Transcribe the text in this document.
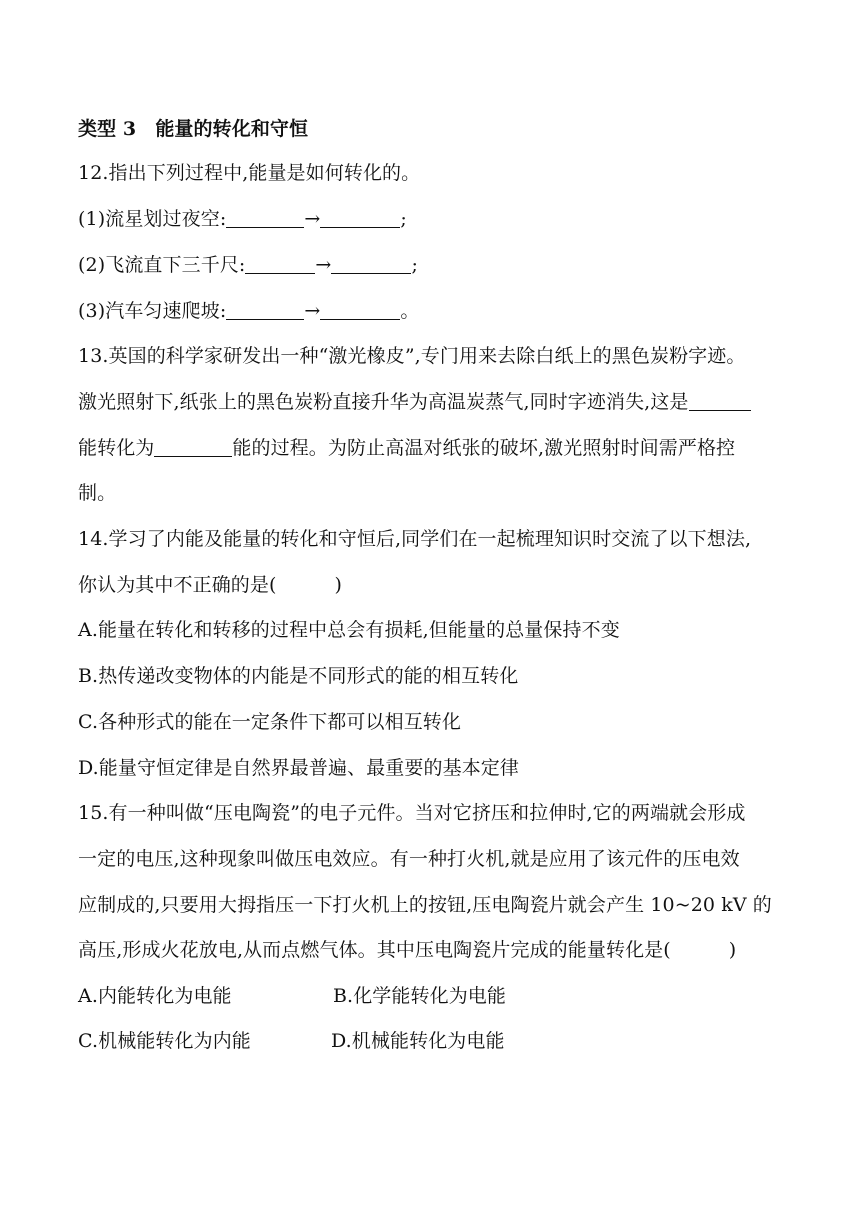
类型 3　能量的转化和守恒
12.指出下列过程中,能量是如何转化的。
(1)流星划过夜空:	→	;
(2)飞流直下三千尺:	→	;
(3)汽车匀速爬坡:	→	。
13.英国的科学家研发出一种“激光橡皮”,专门用来去除白纸上的黑色炭粉字迹。
激光照射下,纸张上的黑色炭粉直接升华为高温炭蒸气,同时字迹消失,这是
能转化为	能的过程。为防止高温对纸张的破坏,激光照射时间需严格控
制。
14.学习了内能及能量的转化和守恒后,同学们在一起梳理知识时交流了以下想法,
你认为其中不正确的是(	)
A.能量在转化和转移的过程中总会有损耗,但能量的总量保持不变
B.热传递改变物体的内能是不同形式的能的相互转化
C.各种形式的能在一定条件下都可以相互转化
D.能量守恒定律是自然界最普遍、最重要的基本定律
15.有一种叫做“压电陶瓷”的电子元件。当对它挤压和拉伸时,它的两端就会形成
一定的电压,这种现象叫做压电效应。有一种打火机,就是应用了该元件的压电效
应制成的,只要用大拇指压一下打火机上的按钮,压电陶瓷片就会产生 10~20 kV 的
高压,形成火花放电,从而点燃气体。其中压电陶瓷片完成的能量转化是(	)
A.内能转化为电能	B.化学能转化为电能
C.机械能转化为内能	D.机械能转化为电能
